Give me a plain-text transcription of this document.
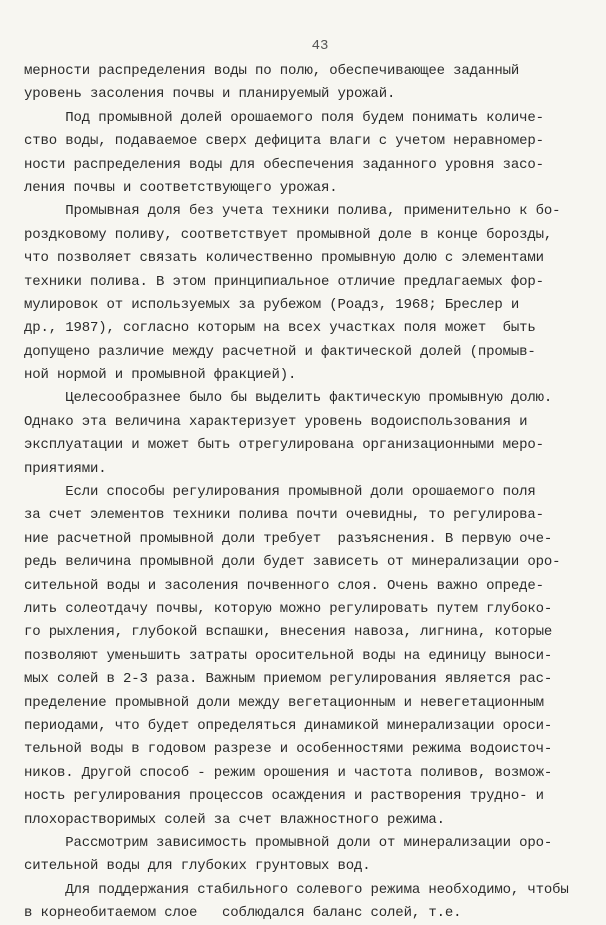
43
мерности распределения воды по полю, обеспечивающее заданный
уровень засоления почвы и планируемый урожай.
Под промывной долей орошаемого поля будем понимать количе-
ство воды, подаваемое сверх дефицита влаги с учетом неравномер-
ности распределения воды для обеспечения заданного уровня засо-
ления почвы и соответствующего урожая.
Промывная доля без учета техники полива, применительно к бо-
роздковому поливу, соответствует промывной доле в конце борозды,
что позволяет связать количественно промывную долю с элементами
техники полива. В этом принципиальное отличие предлагаемых фор-
мулировок от используемых за рубежом (Роадз, 1968; Бреслер и
др., 1987), согласно которым на всех участках поля может  быть
допущено различие между расчетной и фактической долей (промыв-
ной нормой и промывной фракцией).
Целесообразнее было бы выделить фактическую промывную долю.
Однако эта величина характеризует уровень водоиспользования и
эксплуатации и может быть отрегулирована организационными меро-
приятиями.
Если способы регулирования промывной доли орошаемого поля
за счет элементов техники полива почти очевидны, то регулирова-
ние расчетной промывной доли требует  разъяснения. В первую оче-
редь величина промывной доли будет зависеть от минерализации оро-
сительной воды и засоления почвенного слоя. Очень важно опреде-
лить солеотдачу почвы, которую можно регулировать путем глубоко-
го рыхления, глубокой вспашки, внесения навоза, лигнина, которые
позволяют уменьшить затраты оросительной воды на единицу выноси-
мых солей в 2-3 раза. Важным приемом регулирования является рас-
пределение промывной доли между вегетационным и невегетационным
периодами, что будет определяться динамикой минерализации ороси-
тельной воды в годовом разрезе и особенностями режима водоисточ-
ников. Другой способ - режим орошения и частота поливов, возмож-
ность регулирования процессов осаждения и растворения трудно- и
плохорастворимых солей за счет влажностного режима.
Рассмотрим зависимость промывной доли от минерализации оро-
сительной воды для глубоких грунтовых вод.
Для поддержания стабильного солевого режима необходимо, чтобы
в корнеобитаемом слое   соблюдался баланс солей, т.е.
